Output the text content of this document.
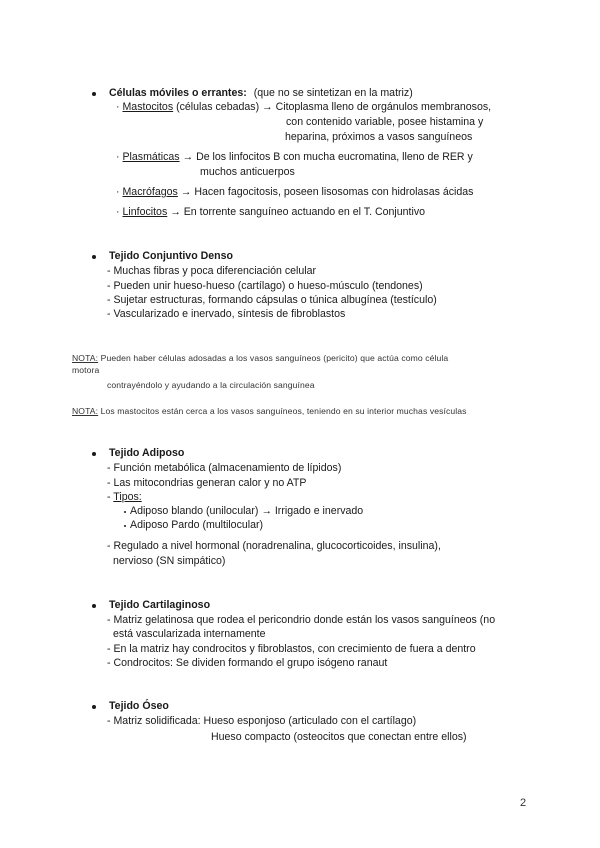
Células móviles o errantes: (que no se sintetizan en la matriz)
· Mastocitos (células cebadas) → Citoplasma lleno de orgánulos membranosos,
con contenido variable, posee histamina y
heparina, próximos a vasos sanguíneos
· Plasmáticas → De los linfocitos B con mucha eucromatina, lleno de RER y
muchos anticuerpos
· Macrófagos → Hacen fagocitosis, poseen lisosomas con hidrolasas ácidas
· Linfocitos → En torrente sanguíneo actuando en el T. Conjuntivo
Tejido Conjuntivo Denso
- Muchas fibras y poca diferenciación celular
- Pueden unir hueso-hueso (cartílago) o hueso-músculo (tendones)
- Sujetar estructuras, formando cápsulas o túnica albugínea (testículo)
- Vascularizado e inervado, síntesis de fibroblastos
NOTA: Pueden haber células adosadas a los vasos sanguíneos (pericito) que actúa como célula
motora
contrayéndolo y ayudando a la circulación sanguínea
NOTA: Los mastocitos están cerca a los vasos sanguíneos, teniendo en su interior muchas vesículas
Tejido Adiposo
- Función metabólica (almacenamiento de lípidos)
- Las mitocondrias generan calor y no ATP
- Tipos:
Adiposo blando (unilocular) → Irrigado e inervado
Adiposo Pardo (multilocular)
- Regulado a nivel hormonal (noradrenalina, glucocorticoides, insulina),
nervioso (SN simpático)
Tejido Cartilaginoso
- Matriz gelatinosa que rodea el pericondrio donde están los vasos sanguíneos (no
está vascularizada internamente
- En la matriz hay condrocitos y fibroblastos, con crecimiento de fuera a dentro
- Condrocitos: Se dividen formando el grupo isógeno ranaut
Tejido Óseo
- Matriz solidificada: Hueso esponjoso (articulado con el cartílago)
Hueso compacto (osteocitos que conectan entre ellos)
2
